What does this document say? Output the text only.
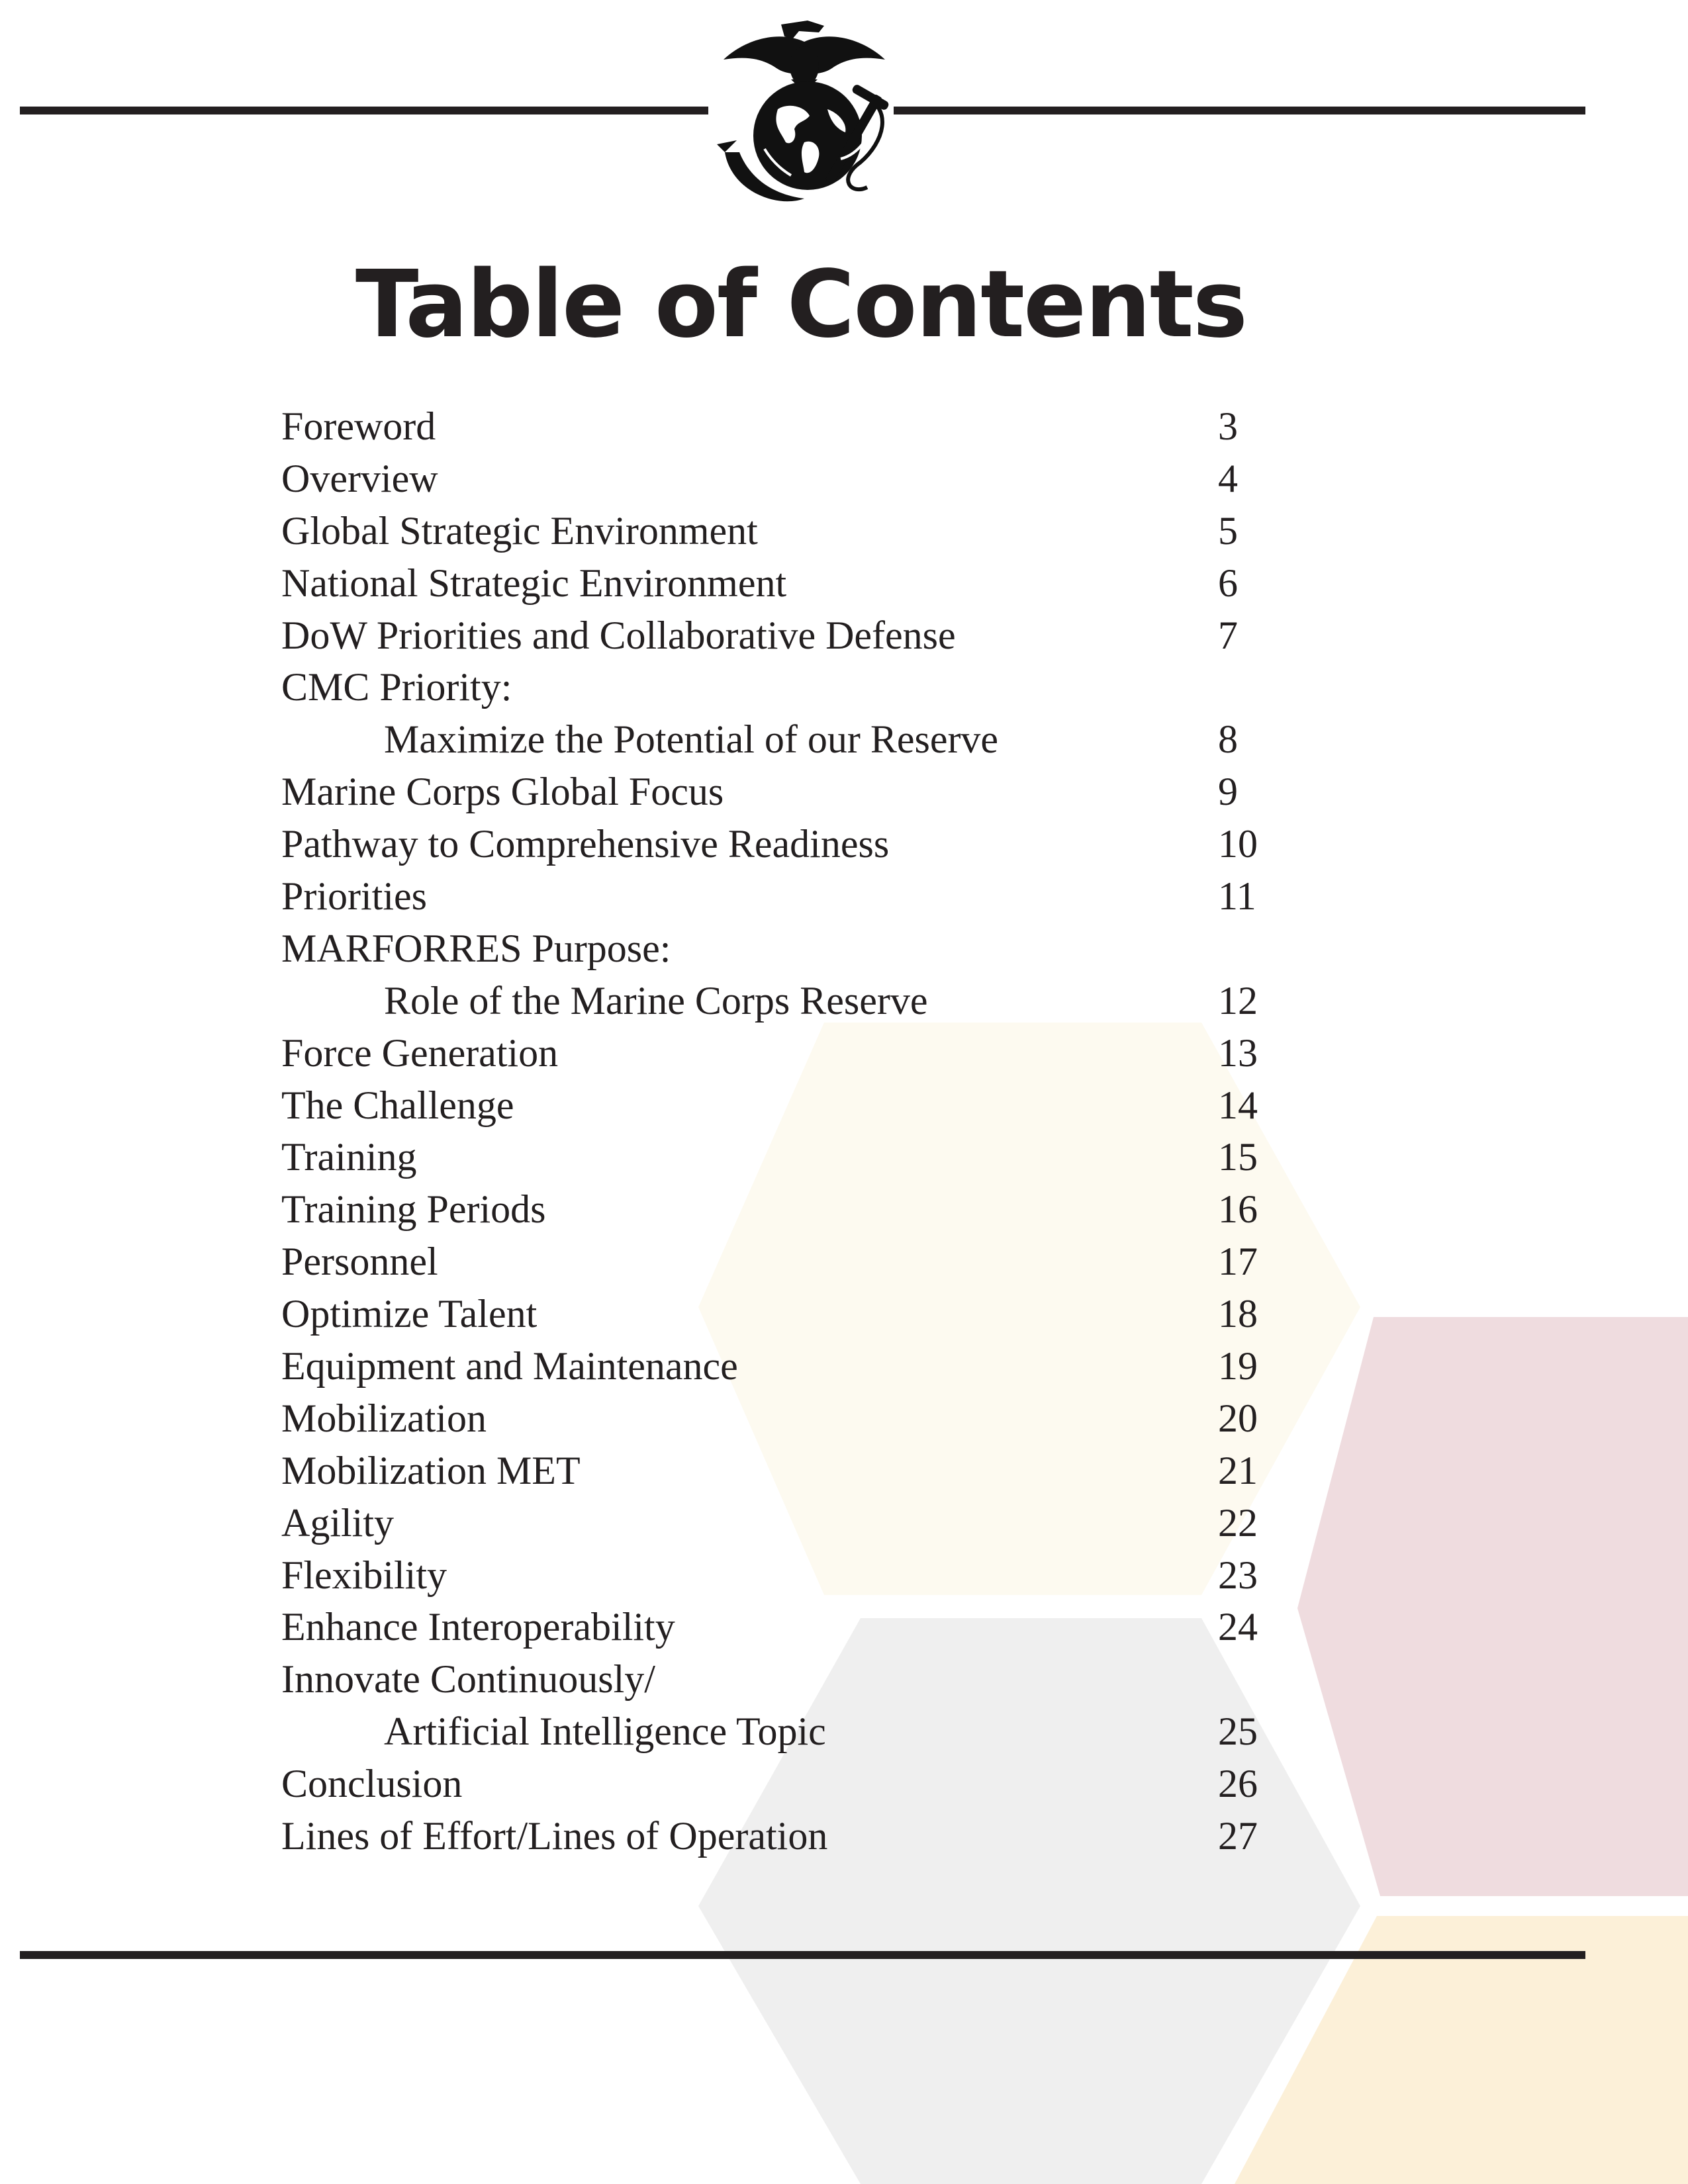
Table of Contents
Foreword	3
Overview	4
Global Strategic Environment	5
National Strategic Environment	6
DoW Priorities and Collaborative Defense	7
CMC Priority:
Maximize the Potential of our Reserve	8
Marine Corps Global Focus	9
Pathway to Comprehensive Readiness	10
Priorities	11
MARFORRES Purpose:
Role of the Marine Corps Reserve	12
Force Generation	13
The Challenge	14
Training	15
Training Periods	16
Personnel	17
Optimize Talent	18
Equipment and Maintenance	19
Mobilization	20
Mobilization MET	21
Agility	22
Flexibility	23
Enhance Interoperability	24
Innovate Continuously/
Artificial Intelligence Topic	25
Conclusion	26
Lines of Effort/Lines of Operation	27
